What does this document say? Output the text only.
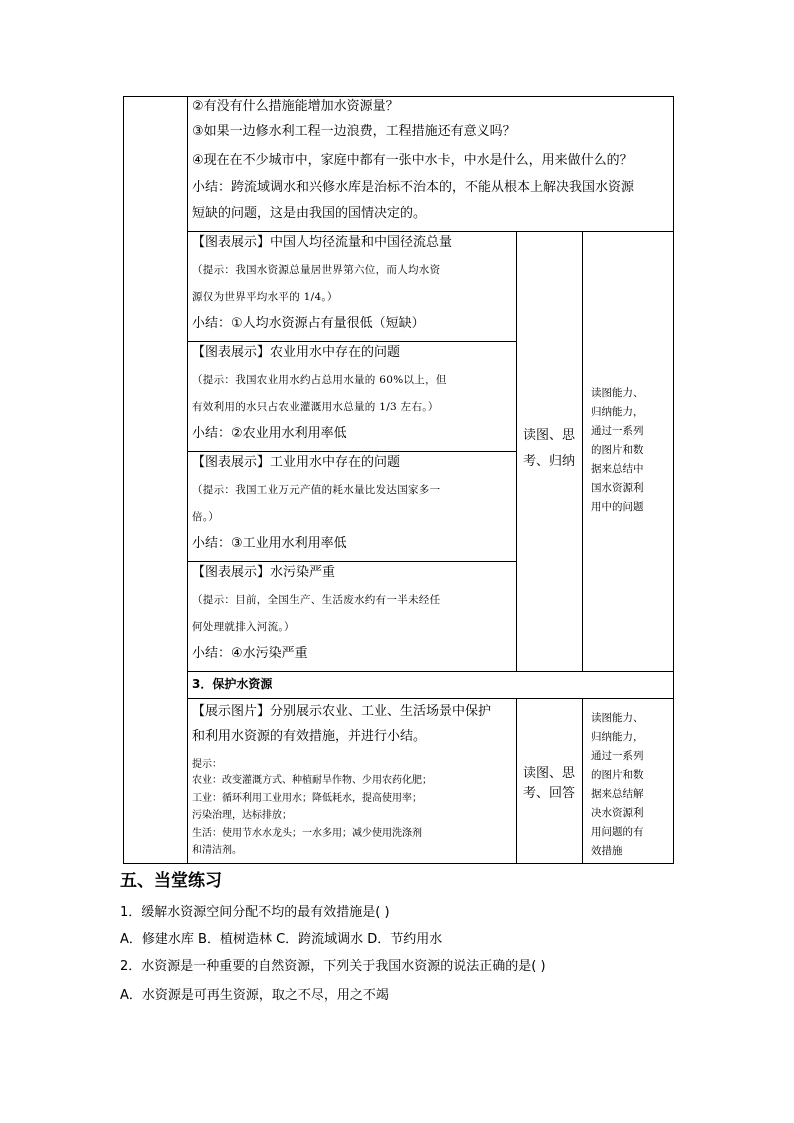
②有没有什么措施能增加水资源量？
③如果一边修水利工程一边浪费，工程措施还有意义吗？
④现在在不少城市中，家庭中都有一张中水卡，中水是什么，用来做什么的？
小结：跨流域调水和兴修水库是治标不治本的，不能从根本上解决我国水资源
短缺的问题，这是由我国的国情决定的。
【图表展示】中国人均径流量和中国径流总量
（提示：我国水资源总量居世界第六位，而人均水资
源仅为世界平均水平的 1/4。）
小结：①人均水资源占有量很低（短缺）
【图表展示】农业用水中存在的问题
（提示：我国农业用水约占总用水量的 60%以上，但
有效利用的水只占农业灌溉用水总量的 1/3 左右。）
小结：②农业用水利用率低
【图表展示】工业用水中存在的问题
（提示：我国工业万元产值的耗水量比发达国家多一
倍。）
小结：③工业用水利用率低
【图表展示】水污染严重
（提示：目前，全国生产、生活废水约有一半未经任
何处理就排入河流。）
小结：④水污染严重
读图、思
考、归纳
读图能力、
归纳能力，
通过一系列
的图片和数
据来总结中
国水资源利
用中的问题
3．保护水资源
【展示图片】分别展示农业、工业、生活场景中保护
和利用水资源的有效措施，并进行小结。
提示：
农业：改变灌溉方式、种植耐旱作物、少用农药化肥；
工业：循环利用工业用水；降低耗水，提高使用率；
污染治理，达标排放；
生活：使用节水水龙头；一水多用；减少使用洗涤剂
和清洁剂。
读图、思
考、回答
读图能力、
归纳能力，
通过一系列
的图片和数
据来总结解
决水资源利
用问题的有
效措施
五、当堂练习
1．缓解水资源空间分配不均的最有效措施是( )
A．修建水库 B．植树造林 C．跨流域调水 D．节约用水
2．水资源是一种重要的自然资源，下列关于我国水资源的说法正确的是( )
A．水资源是可再生资源，取之不尽，用之不竭
